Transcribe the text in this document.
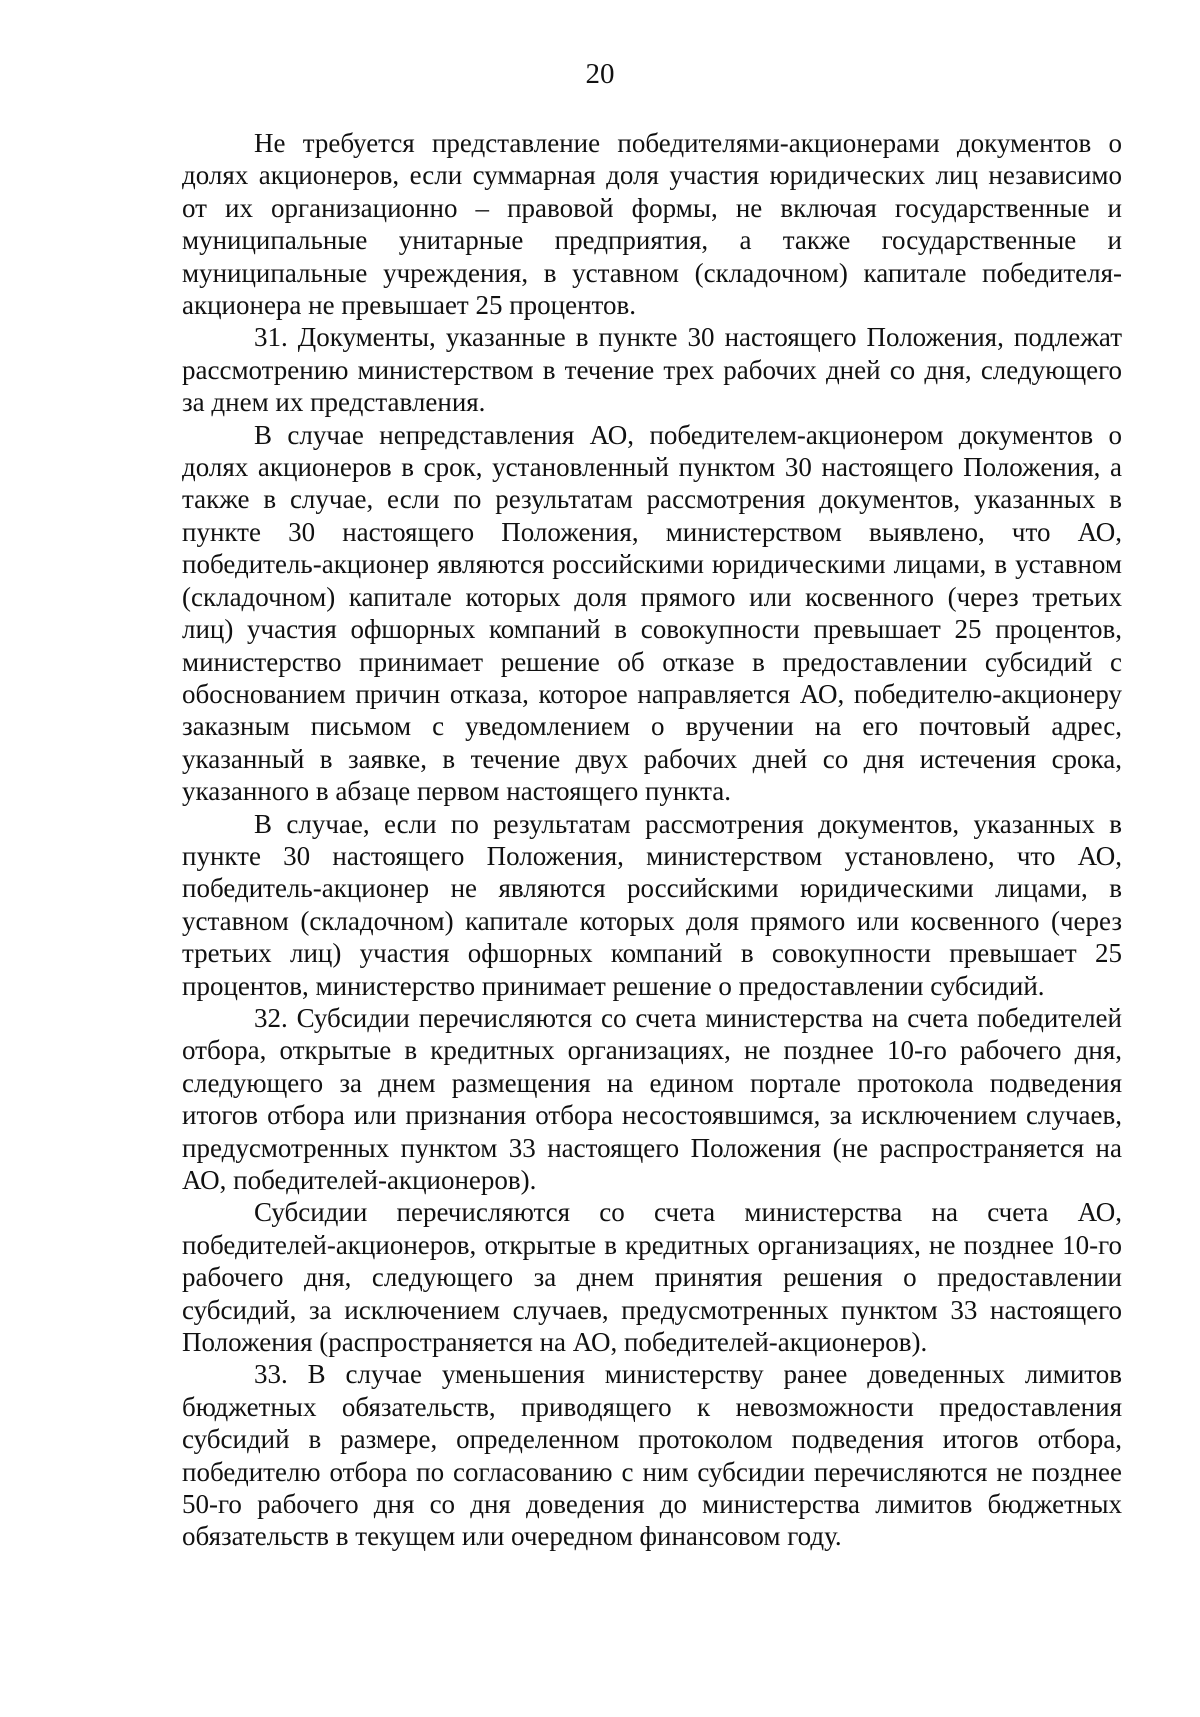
20

Не требуется представление победителями-акционерами документов о долях акционеров, если суммарная доля участия юридических лиц независимо от их организационно – правовой формы, не включая государственные и муниципальные унитарные предприятия, а также государственные и муниципальные учреждения, в уставном (складочном) капитале победителя-акционера не превышает 25 процентов.

31. Документы, указанные в пункте 30 настоящего Положения, подлежат рассмотрению министерством в течение трех рабочих дней со дня, следующего за днем их представления.

В случае непредставления АО, победителем-акционером документов о долях акционеров в срок, установленный пунктом 30 настоящего Положения, а также в случае, если по результатам рассмотрения документов, указанных в пункте 30 настоящего Положения, министерством выявлено, что АО, победитель-акционер являются российскими юридическими лицами, в уставном (складочном) капитале которых доля прямого или косвенного (через третьих лиц) участия офшорных компаний в совокупности превышает 25 процентов, министерство принимает решение об отказе в предоставлении субсидий с обоснованием причин отказа, которое направляется АО, победителю-акционеру заказным письмом с уведомлением о вручении на его почтовый адрес, указанный в заявке, в течение двух рабочих дней со дня истечения срока, указанного в абзаце первом настоящего пункта.

В случае, если по результатам рассмотрения документов, указанных в пункте 30 настоящего Положения, министерством установлено, что АО, победитель-акционер не являются российскими юридическими лицами, в уставном (складочном) капитале которых доля прямого или косвенного (через третьих лиц) участия офшорных компаний в совокупности превышает 25 процентов, министерство принимает решение о предоставлении субсидий.

32. Субсидии перечисляются со счета министерства на счета победителей отбора, открытые в кредитных организациях, не позднее 10-го рабочего дня, следующего за днем размещения на едином портале протокола подведения итогов отбора или признания отбора несостоявшимся, за исключением случаев, предусмотренных пунктом 33 настоящего Положения (не распространяется на АО, победителей-акционеров).

Субсидии перечисляются со счета министерства на счета АО, победителей-акционеров, открытые в кредитных организациях, не позднее 10-го рабочего дня, следующего за днем принятия решения о предоставлении субсидий, за исключением случаев, предусмотренных пунктом 33 настоящего Положения (распространяется на АО, победителей-акционеров).

33. В случае уменьшения министерству ранее доведенных лимитов бюджетных обязательств, приводящего к невозможности предоставления субсидий в размере, определенном протоколом подведения итогов отбора, победителю отбора по согласованию с ним субсидии перечисляются не позднее 50-го рабочего дня со дня доведения до министерства лимитов бюджетных обязательств в текущем или очередном финансовом году.
